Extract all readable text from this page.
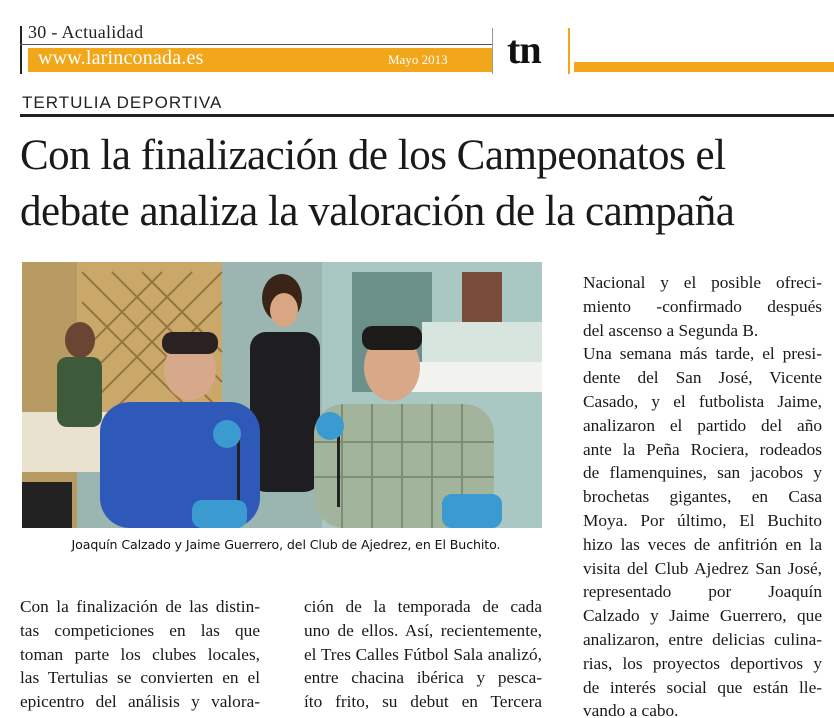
30 - Actualidad
www.larinconada.es	Mayo 2013 tn
TERTULIA DEPORTIVA
Con la finalización de los Campeonatos el
debate analiza la valoración de la campaña
Joaquín Calzado y Jaime Guerrero, del Club de Ajedrez, en El Buchito.
Con la finalización de las distin-
tas competiciones en las que
toman parte los clubes locales,
las Tertulias se convierten en el
epicentro del análisis y valora-
ción de la temporada de cada
uno de ellos. Así, recientemente,
el Tres Calles Fútbol Sala analizó,
entre chacina ibérica y pesca-
íto frito, su debut en Tercera
Nacional y el posible ofreci-
miento -confirmado después
del ascenso a Segunda B.
Una semana más tarde, el presi-
dente del San José, Vicente
Casado, y el futbolista Jaime,
analizaron el partido del año
ante la Peña Rociera, rodeados
de flamenquines, san jacobos y
brochetas gigantes, en Casa
Moya. Por último, El Buchito
hizo las veces de anfitrión en la
visita del Club Ajedrez San José,
representado por Joaquín
Calzado y Jaime Guerrero, que
analizaron, entre delicias culina-
rias, los proyectos deportivos y
de interés social que están lle-
vando a cabo.
